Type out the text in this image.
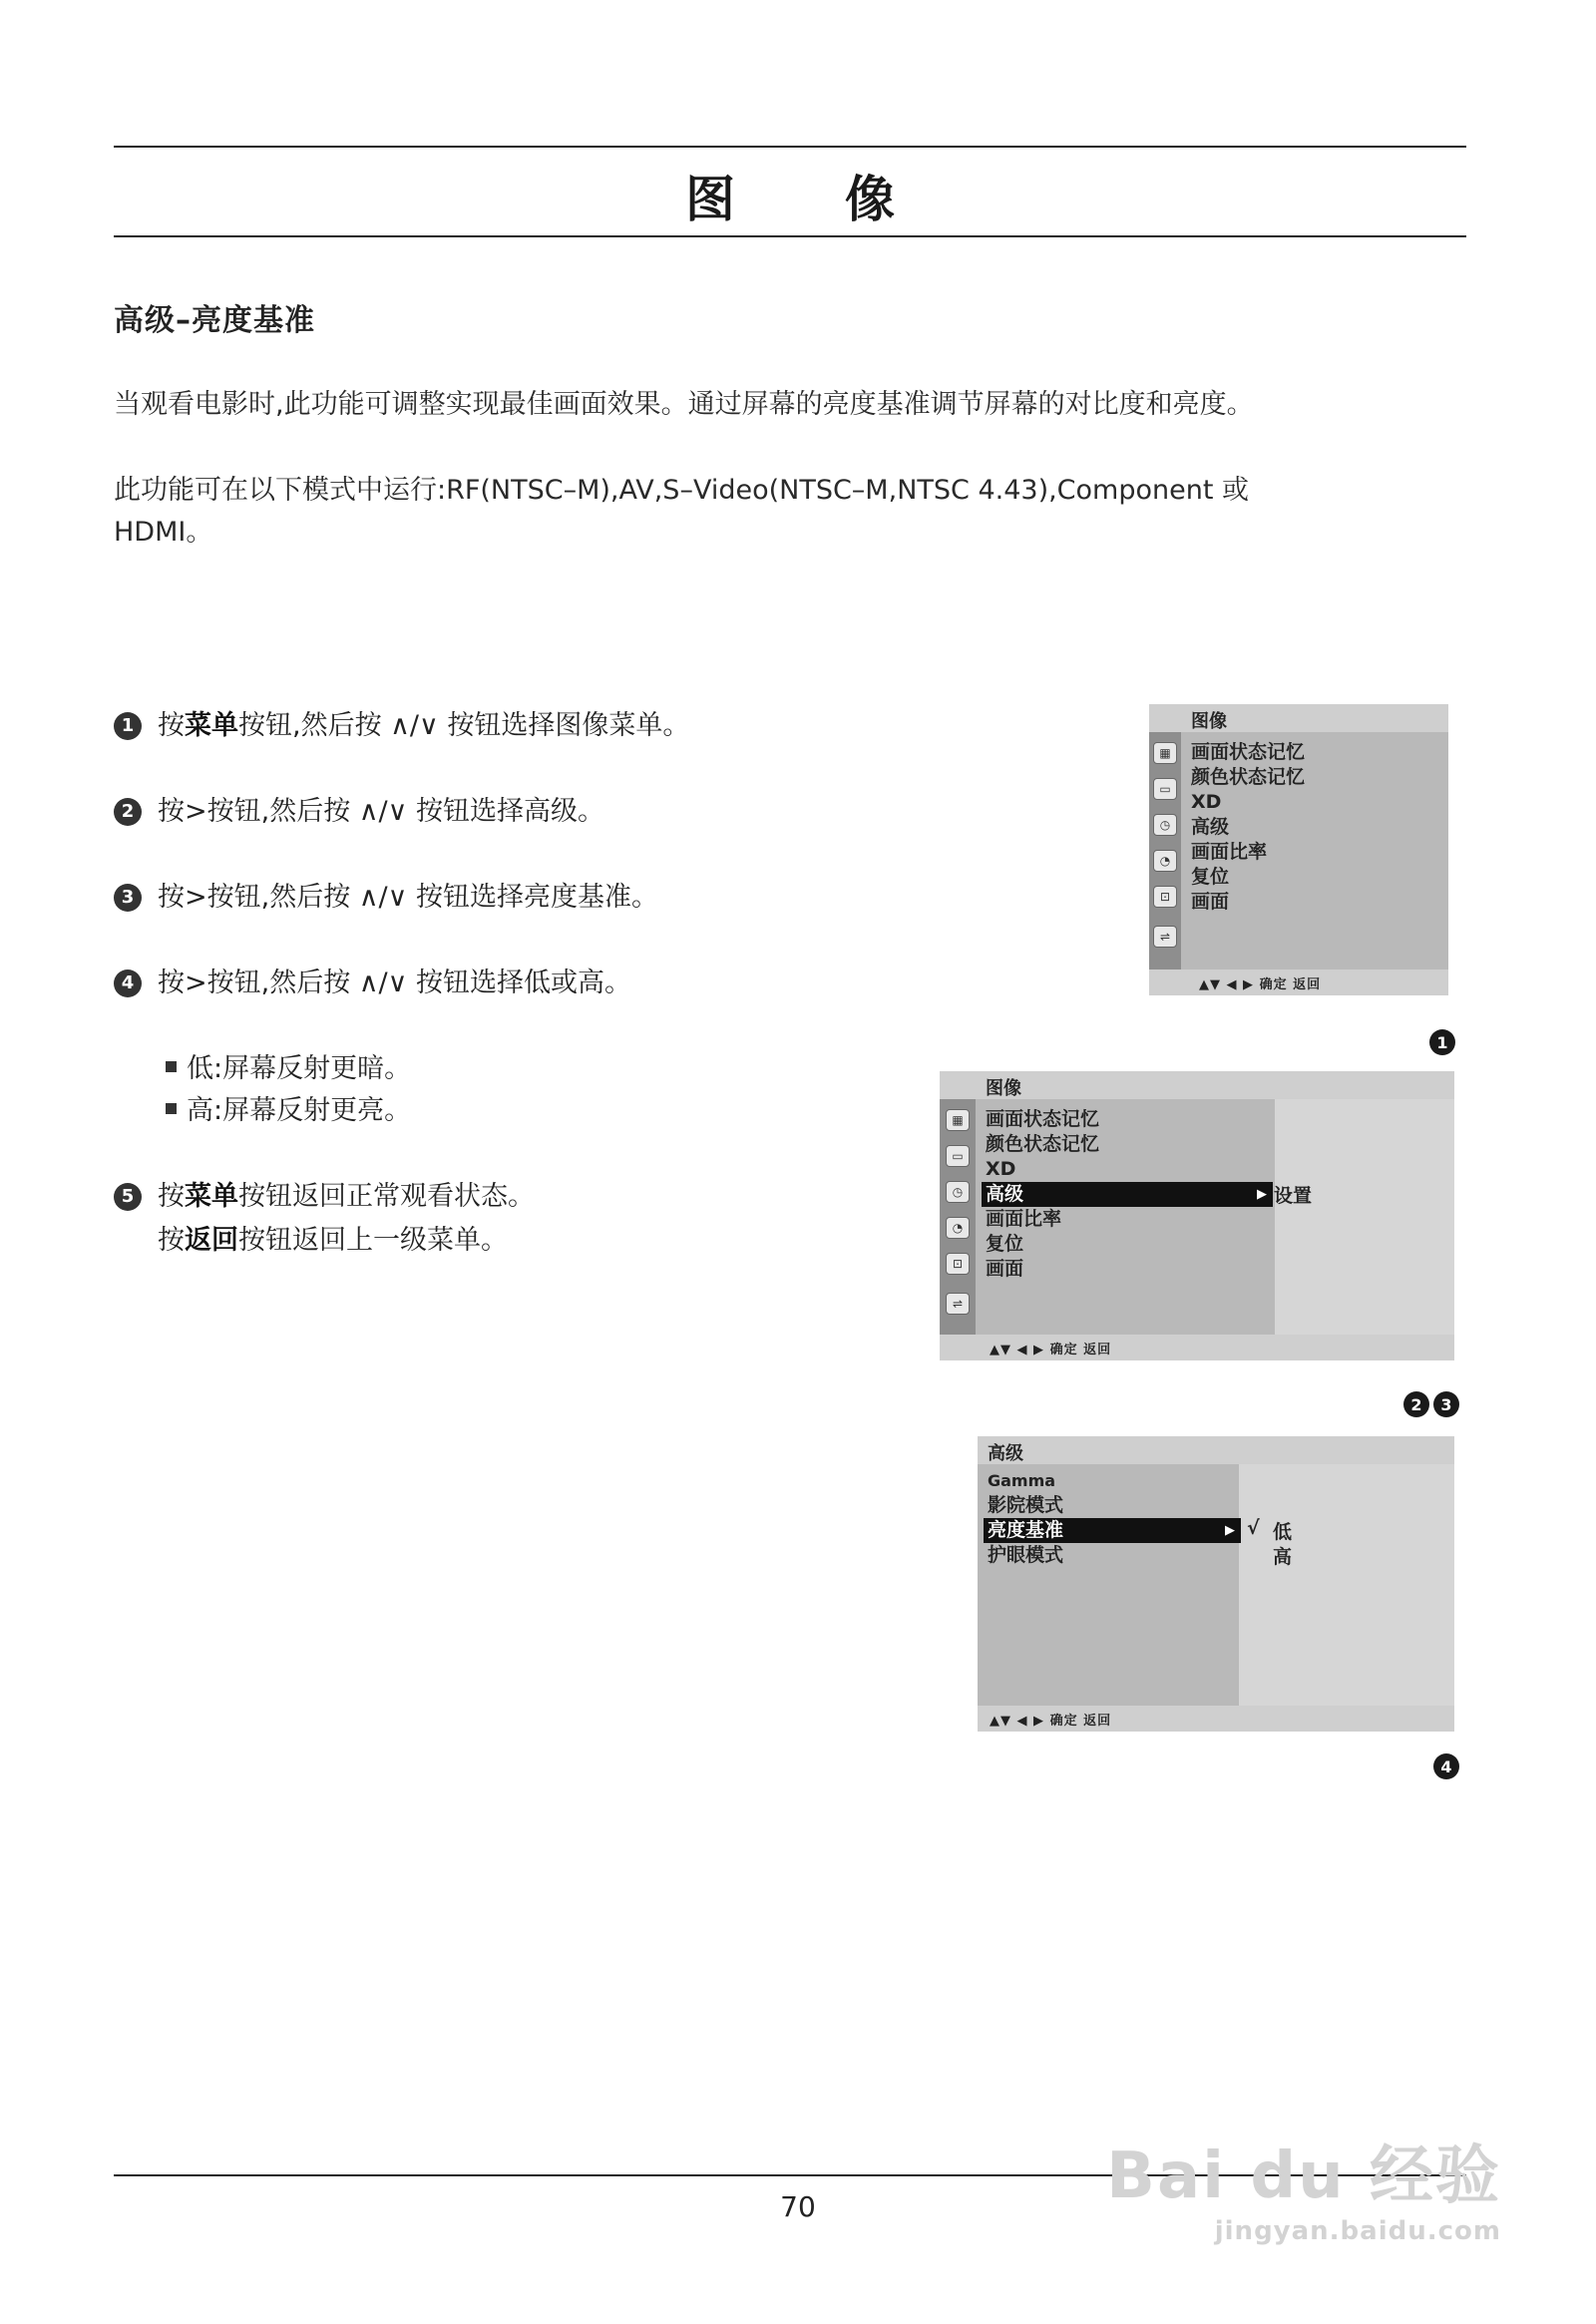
图 像
高级–亮度基准
当观看电影时,此功能可调整实现最佳画面效果。通过屏幕的亮度基准调节屏幕的对比度和亮度。
此功能可在以下模式中运行:RF(NTSC–M),AV,S–Video(NTSC–M,NTSC 4.43),Component 或
HDMI。
1 按菜单按钮,然后按 ∧/∨ 按钮选择图像菜单。
2 按>按钮,然后按 ∧/∨ 按钮选择高级。
3 按>按钮,然后按 ∧/∨ 按钮选择亮度基准。
4 按>按钮,然后按 ∧/∨ 按钮选择低或高。
低:屏幕反射更暗。
高:屏幕反射更亮。
5 按菜单按钮返回正常观看状态。
按返回按钮返回上一级菜单。
图像
▦
▭
◷
◔
⊡
⇌
画面状态记忆
颜色状态记忆
XD
高级
画面比率
复位
画面
▲▼ ◀ ▶ 确定 返回
1
图像
▦
▭
◷
◔
⊡
⇌
画面状态记忆
颜色状态记忆
XD
高级	▶
画面比率
复位
画面
设置
▲▼ ◀ ▶ 确定 返回
2	3
高级
Gamma
影院模式
亮度基准	▶
护眼模式
√ 低
高
▲▼ ◀ ▶ 确定 返回
4
70	Bai du 经验
jingyan.baidu.com
